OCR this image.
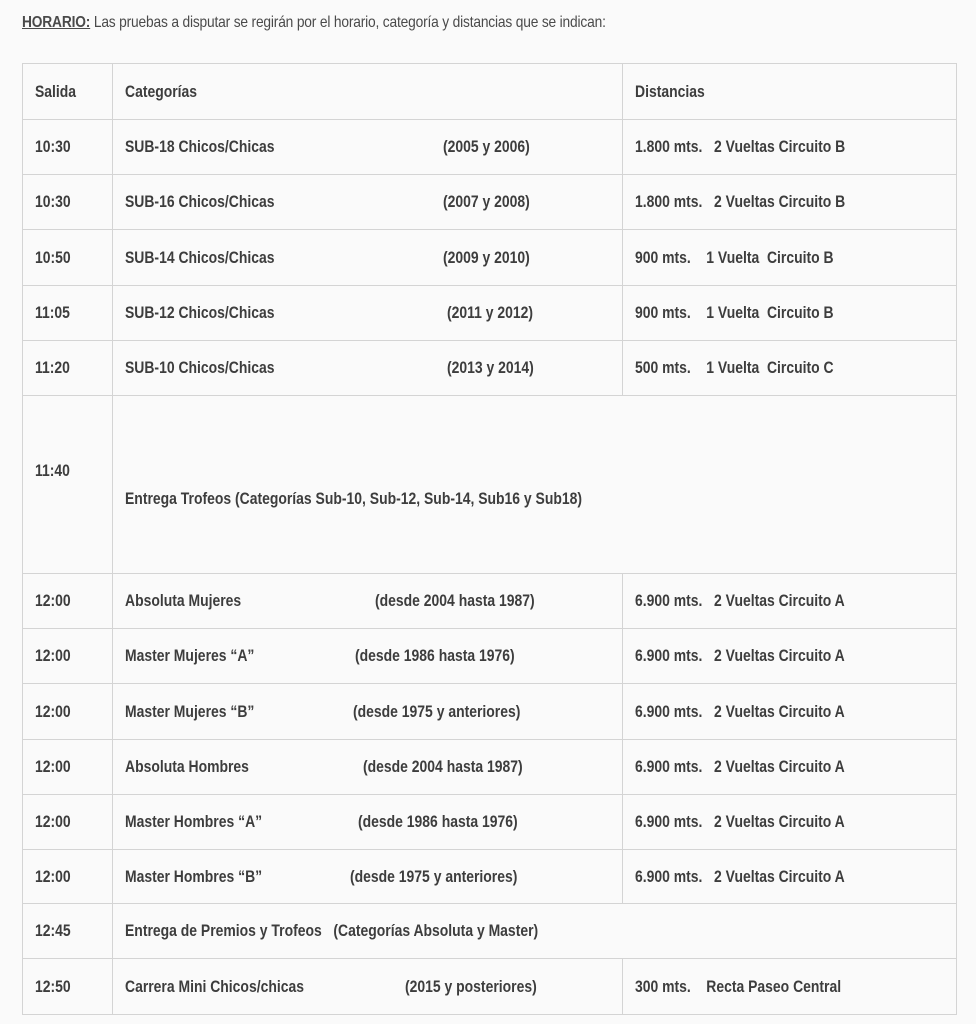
HORARIO: Las pruebas a disputar se regirán por el horario, categoría y distancias que se indican:
Salida	Categorías	Distancias
10:30	SUB-18 Chicos/Chicas (2005 y 2006)	1.800 mts.   2 Vueltas Circuito B
10:30	SUB-16 Chicos/Chicas (2007 y 2008)	1.800 mts.   2 Vueltas Circuito B
10:50	SUB-14 Chicos/Chicas (2009 y 2010)	900 mts.    1 Vuelta  Circuito B
11:05	SUB-12 Chicos/Chicas (2011 y 2012)	900 mts.    1 Vuelta  Circuito B
11:20	SUB-10 Chicos/Chicas (2013 y 2014)	500 mts.    1 Vuelta  Circuito C
11:40	Entrega Trofeos (Categorías Sub-10, Sub-12, Sub-14, Sub16 y Sub18)	
12:00	Absoluta Mujeres (desde 2004 hasta 1987)	6.900 mts.   2 Vueltas Circuito A
12:00	Master Mujeres “A” (desde 1986 hasta 1976)	6.900 mts.   2 Vueltas Circuito A
12:00	Master Mujeres “B” (desde 1975 y anteriores)	6.900 mts.   2 Vueltas Circuito A
12:00	Absoluta Hombres (desde 2004 hasta 1987)	6.900 mts.   2 Vueltas Circuito A
12:00	Master Hombres “A” (desde 1986 hasta 1976)	6.900 mts.   2 Vueltas Circuito A
12:00	Master Hombres “B” (desde 1975 y anteriores)	6.900 mts.   2 Vueltas Circuito A
12:45	Entrega de Premios y Trofeos   (Categorías Absoluta y Master)	
12:50	Carrera Mini Chicos/chicas (2015 y posteriores)	300 mts.    Recta Paseo Central
